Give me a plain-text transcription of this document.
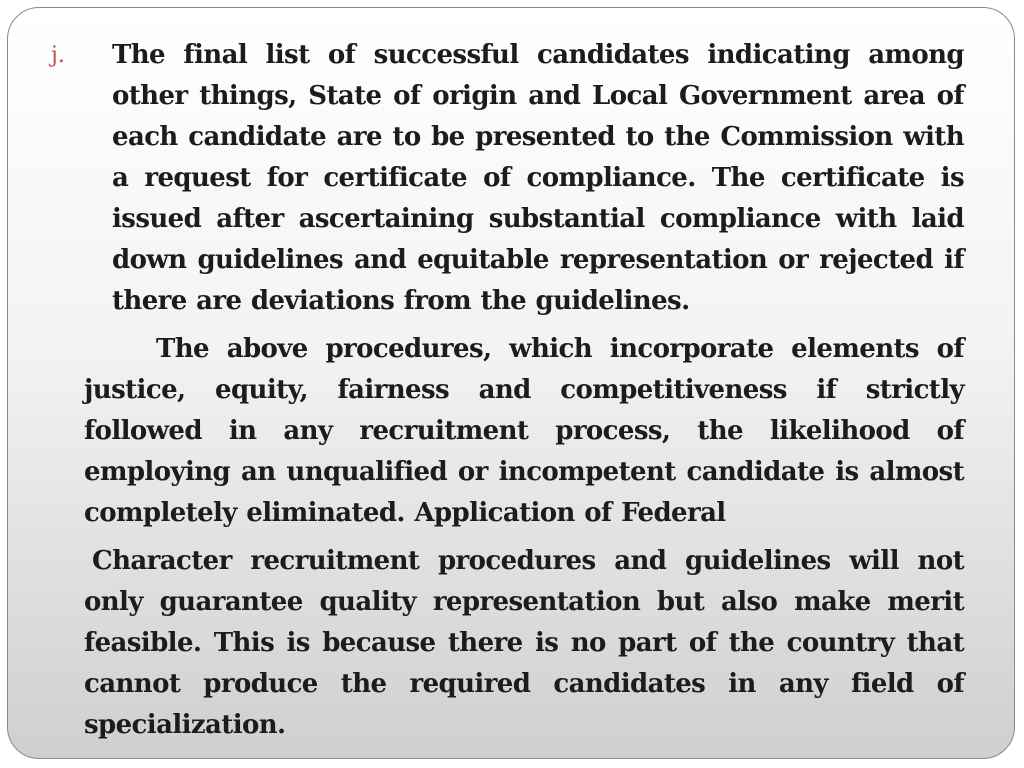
j. The final list of successful candidates indicating among other things, State of origin and Local Government area of each candidate are to be presented to the Commission with a request for certificate of compliance. The certificate is issued after ascertaining substantial compliance with laid down guidelines and equitable representation or rejected if there are deviations from the guidelines.
The above procedures, which incorporate elements of justice, equity, fairness and competitiveness if strictly followed in any recruitment process, the likelihood of employing an unqualified or incompetent candidate is almost completely eliminated. Application of Federal
Character recruitment procedures and guidelines will not only guarantee quality representation but also make merit feasible. This is because there is no part of the country that cannot produce the required candidates in any field of specialization.
